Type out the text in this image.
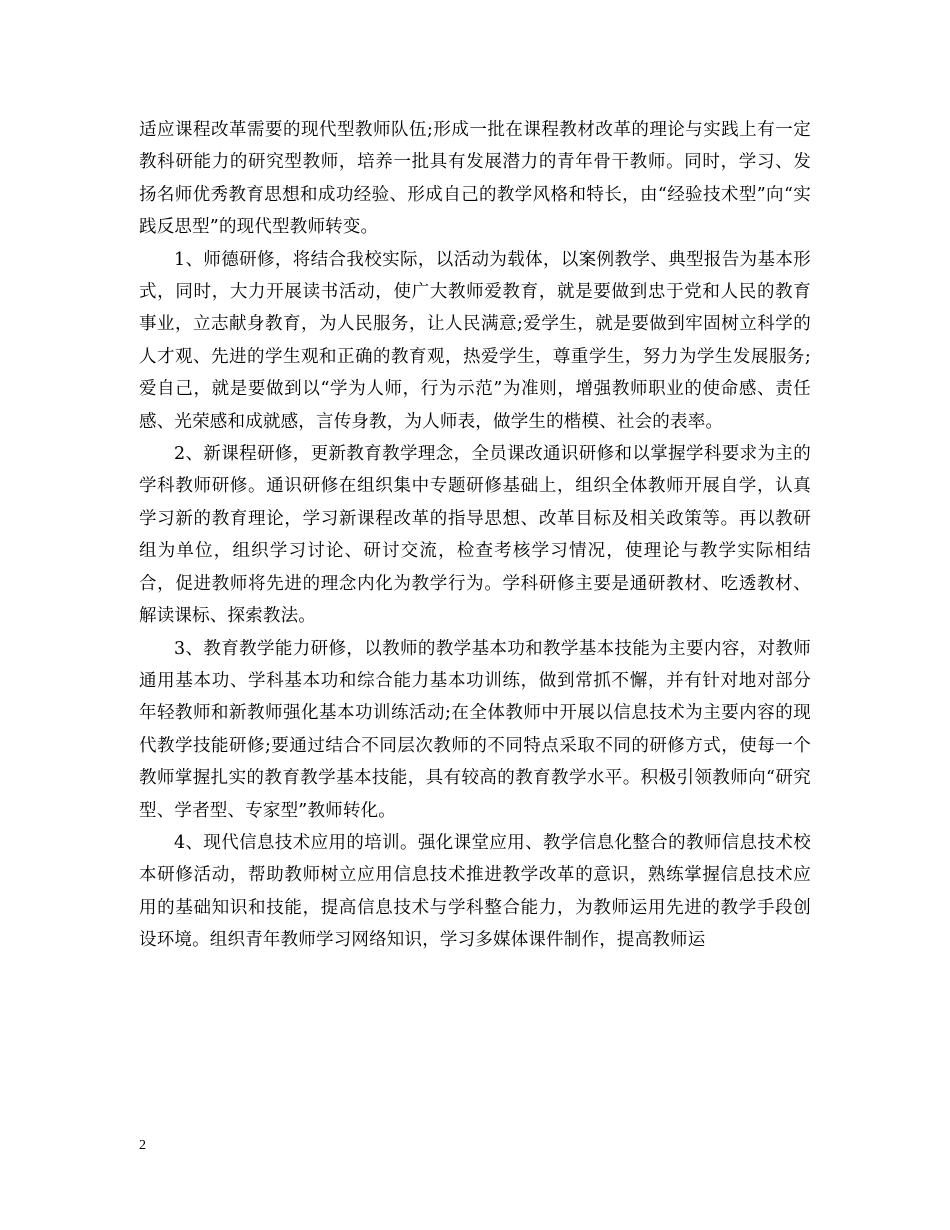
适应课程改革需要的现代型教师队伍;形成一批在课程教材改革的理论与实践上有一定教科研能力的研究型教师，培养一批具有发展潜力的青年骨干教师。同时，学习、发扬名师优秀教育思想和成功经验、形成自己的教学风格和特长，由“经验技术型”向“实践反思型”的现代型教师转变。

1、师德研修，将结合我校实际，以活动为载体，以案例教学、典型报告为基本形式，同时，大力开展读书活动，使广大教师爱教育，就是要做到忠于党和人民的教育事业，立志献身教育，为人民服务，让人民满意;爱学生，就是要做到牢固树立科学的人才观、先进的学生观和正确的教育观，热爱学生，尊重学生，努力为学生发展服务;爱自己，就是要做到以“学为人师，行为示范”为准则，增强教师职业的使命感、责任感、光荣感和成就感，言传身教，为人师表，做学生的楷模、社会的表率。

2、新课程研修，更新教育教学理念，全员课改通识研修和以掌握学科要求为主的学科教师研修。通识研修在组织集中专题研修基础上，组织全体教师开展自学，认真学习新的教育理论，学习新课程改革的指导思想、改革目标及相关政策等。再以教研组为单位，组织学习讨论、研讨交流，检查考核学习情况，使理论与教学实际相结合，促进教师将先进的理念内化为教学行为。学科研修主要是通研教材、吃透教材、解读课标、探索教法。

3、教育教学能力研修，以教师的教学基本功和教学基本技能为主要内容，对教师通用基本功、学科基本功和综合能力基本功训练，做到常抓不懈，并有针对地对部分年轻教师和新教师强化基本功训练活动;在全体教师中开展以信息技术为主要内容的现代教学技能研修;要通过结合不同层次教师的不同特点采取不同的研修方式，使每一个教师掌握扎实的教育教学基本技能，具有较高的教育教学水平。积极引领教师向“研究型、学者型、专家型”教师转化。

4、现代信息技术应用的培训。强化课堂应用、教学信息化整合的教师信息技术校本研修活动，帮助教师树立应用信息技术推进教学改革的意识，熟练掌握信息技术应用的基础知识和技能，提高信息技术与学科整合能力，为教师运用先进的教学手段创设环境。组织青年教师学习网络知识，学习多媒体课件制作，提高教师运

2
